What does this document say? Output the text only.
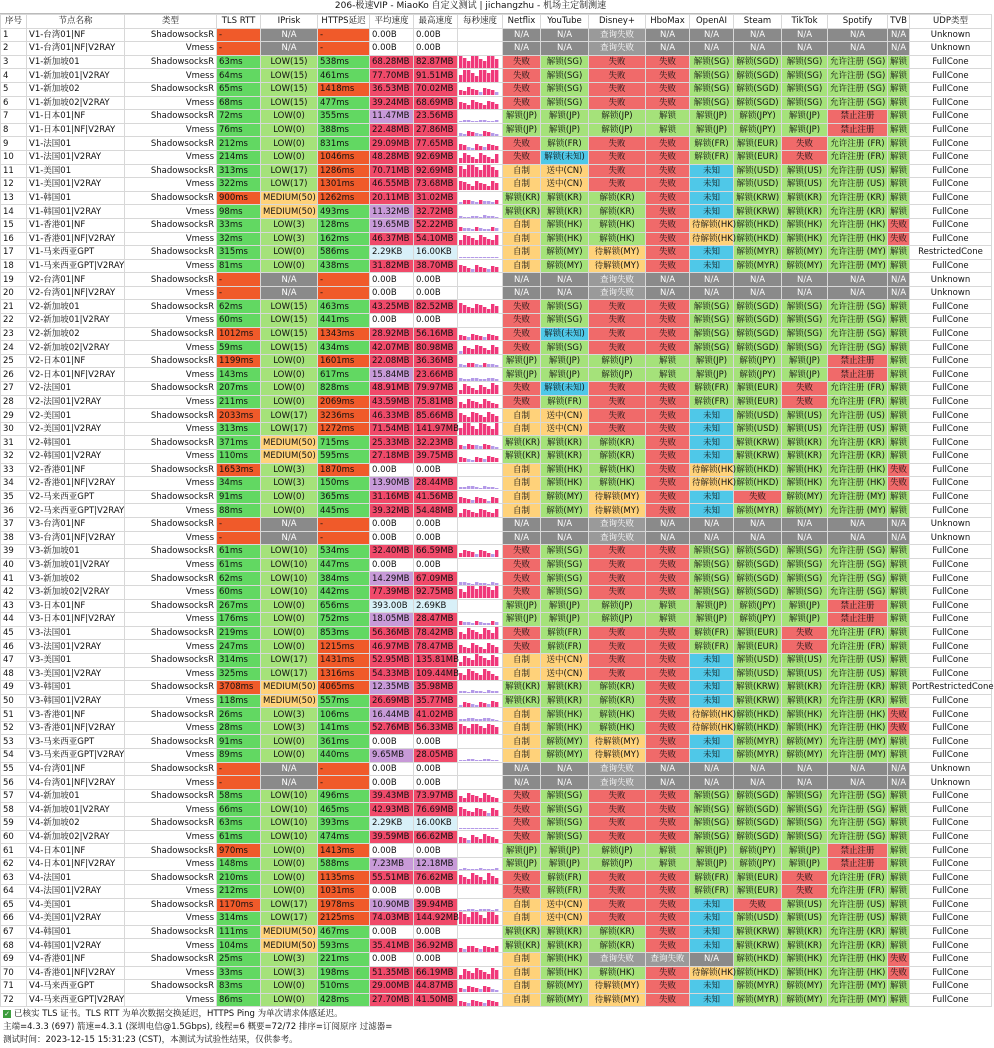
206-极速VIP - MiaoKo 自定义测试 | jichangzhu - 机场主定制测速
序号	节点名称	类型	TLS RTT	IPrisk	HTTPS延迟	平均速度	最高速度	每秒速度	Netflix	YouTube	Disney+	HboMax	OpenAI	Steam	TikTok	Spotify	TVB	UDP类型
1	V1-台湾01|NF	ShadowsocksR	-	N/A	-	0.00B	0.00B		N/A	N/A	查询失败	N/A	N/A	N/A	N/A	N/A	N/A	Unknown
2	V1-台湾01|NF|V2RAY	Vmess	-	N/A	-	0.00B	0.00B		N/A	N/A	查询失败	N/A	N/A	N/A	N/A	N/A	N/A	Unknown
3	V1-新加坡01	ShadowsocksR	63ms	LOW(15)	538ms	68.28MB	82.87MB		失败	解锁(SG)	失败	失败	解锁(SG)	解锁(SGD)	解锁(SG)	允许注册 (SG)	解锁	FullCone
4	V1-新加坡01|V2RAY	Vmess	64ms	LOW(15)	461ms	77.70MB	91.51MB		失败	解锁(SG)	失败	失败	解锁(SG)	解锁(SGD)	解锁(SG)	允许注册 (SG)	解锁	FullCone
5	V1-新加坡02	ShadowsocksR	65ms	LOW(15)	1418ms	36.53MB	70.02MB		失败	解锁(SG)	失败	失败	解锁(SG)	解锁(SGD)	解锁(SG)	允许注册 (SG)	解锁	FullCone
6	V1-新加坡02|V2RAY	Vmess	68ms	LOW(15)	477ms	39.24MB	68.69MB		失败	解锁(SG)	失败	失败	解锁(SG)	解锁(SGD)	解锁(SG)	允许注册 (SG)	解锁	FullCone
7	V1-日本01|NF	ShadowsocksR	72ms	LOW(0)	355ms	11.47MB	23.56MB		解锁(JP)	解锁(JP)	解锁(JP)	解锁	解锁(JP)	解锁(JPY)	解锁(JP)	禁止注册	解锁	FullCone
8	V1-日本01|NF|V2RAY	Vmess	76ms	LOW(0)	388ms	22.48MB	27.86MB		解锁(JP)	解锁(JP)	解锁(JP)	解锁	解锁(JP)	解锁(JPY)	解锁(JP)	禁止注册	解锁	FullCone
9	V1-法国01	ShadowsocksR	212ms	LOW(0)	831ms	29.09MB	77.65MB		失败	解锁(FR)	失败	失败	解锁(FR)	解锁(EUR)	失败	允许注册 (FR)	解锁	FullCone
10	V1-法国01|V2RAY	Vmess	214ms	LOW(0)	1046ms	48.28MB	92.69MB		失败	解锁(未知)	失败	失败	解锁(FR)	解锁(EUR)	失败	允许注册 (FR)	解锁	FullCone
11	V1-美国01	ShadowsocksR	313ms	LOW(17)	1286ms	70.71MB	92.69MB		自制	送中(CN)	失败	失败	未知	解锁(USD)	解锁(US)	允许注册 (US)	解锁	FullCone
12	V1-美国01|V2RAY	Vmess	322ms	LOW(17)	1301ms	46.55MB	73.68MB		自制	送中(CN)	失败	失败	未知	解锁(USD)	解锁(US)	允许注册 (US)	解锁	FullCone
13	V1-韩国01	ShadowsocksR	900ms	MEDIUM(50)	1262ms	20.11MB	31.02MB		解锁(KR)	解锁(KR)	解锁(KR)	失败	未知	解锁(KRW)	解锁(KR)	允许注册 (KR)	解锁	FullCone
14	V1-韩国01|V2RAY	Vmess	98ms	MEDIUM(50)	493ms	11.32MB	32.72MB		解锁(KR)	解锁(KR)	解锁(KR)	失败	未知	解锁(KRW)	解锁(KR)	允许注册 (KR)	解锁	FullCone
15	V1-香港01|NF	ShadowsocksR	33ms	LOW(3)	128ms	19.65MB	52.22MB		自制	解锁(HK)	解锁(HK)	失败	待解锁(HK)	解锁(HKD)	解锁(HK)	允许注册 (HK)	失败	FullCone
16	V1-香港01|NF|V2RAY	Vmess	32ms	LOW(3)	162ms	46.37MB	54.10MB		自制	解锁(HK)	解锁(HK)	失败	待解锁(HK)	解锁(HKD)	解锁(HK)	允许注册 (HK)	失败	FullCone
17	V1-马来西亚GPT	ShadowsocksR	315ms	LOW(0)	586ms	2.29KB	16.00KB		自制	解锁(MY)	待解锁(MY)	失败	未知	解锁(MYR)	解锁(MY)	允许注册 (MY)	解锁	RestrictedCone
18	V1-马来西亚GPT|V2RAY	Vmess	81ms	LOW(0)	438ms	31.82MB	38.70MB		自制	解锁(MY)	待解锁(MY)	失败	未知	解锁(MYR)	解锁(MY)	允许注册 (MY)	解锁	FullCone
19	V2-台湾01|NF	ShadowsocksR	-	N/A	-	0.00B	0.00B		N/A	N/A	查询失败	N/A	N/A	N/A	N/A	N/A	N/A	Unknown
20	V2-台湾01|NF|V2RAY	Vmess	-	N/A	-	0.00B	0.00B		N/A	N/A	查询失败	N/A	N/A	N/A	N/A	N/A	N/A	Unknown
21	V2-新加坡01	ShadowsocksR	62ms	LOW(15)	463ms	43.25MB	82.52MB		失败	解锁(SG)	失败	失败	解锁(SG)	解锁(SGD)	解锁(SG)	允许注册 (SG)	解锁	FullCone
22	V2-新加坡01|V2RAY	Vmess	60ms	LOW(15)	441ms	0.00B	0.00B		失败	解锁(SG)	失败	失败	解锁(SG)	解锁(SGD)	解锁(SG)	允许注册 (SG)	解锁	FullCone
23	V2-新加坡02	ShadowsocksR	1012ms	LOW(15)	1343ms	28.92MB	56.16MB		失败	解锁(未知)	失败	失败	解锁(SG)	解锁(SGD)	解锁(SG)	允许注册 (SG)	解锁	FullCone
24	V2-新加坡02|V2RAY	Vmess	59ms	LOW(15)	434ms	42.07MB	80.98MB		失败	解锁(SG)	失败	失败	解锁(SG)	解锁(SGD)	解锁(SG)	允许注册 (SG)	解锁	FullCone
25	V2-日本01|NF	ShadowsocksR	1199ms	LOW(0)	1601ms	22.08MB	36.36MB		解锁(JP)	解锁(JP)	解锁(JP)	解锁	解锁(JP)	解锁(JPY)	解锁(JP)	禁止注册	解锁	FullCone
26	V2-日本01|NF|V2RAY	Vmess	143ms	LOW(0)	617ms	15.84MB	23.66MB		解锁(JP)	解锁(JP)	解锁(JP)	解锁	解锁(JP)	解锁(JPY)	解锁(JP)	禁止注册	解锁	FullCone
27	V2-法国01	ShadowsocksR	207ms	LOW(0)	828ms	48.91MB	79.97MB		失败	解锁(未知)	失败	失败	解锁(FR)	解锁(EUR)	失败	允许注册 (FR)	解锁	FullCone
28	V2-法国01|V2RAY	Vmess	211ms	LOW(0)	2069ms	43.59MB	75.81MB		失败	解锁(FR)	失败	失败	解锁(FR)	解锁(EUR)	失败	允许注册 (FR)	解锁	FullCone
29	V2-美国01	ShadowsocksR	2033ms	LOW(17)	3236ms	46.33MB	85.66MB		自制	送中(CN)	失败	失败	未知	解锁(USD)	解锁(US)	允许注册 (US)	解锁	FullCone
30	V2-美国01|V2RAY	Vmess	313ms	LOW(17)	1272ms	71.54MB	141.97MB		自制	送中(CN)	失败	失败	未知	解锁(USD)	解锁(US)	允许注册 (US)	解锁	FullCone
31	V2-韩国01	ShadowsocksR	371ms	MEDIUM(50)	715ms	25.33MB	32.23MB		解锁(KR)	解锁(KR)	解锁(KR)	失败	未知	解锁(KRW)	解锁(KR)	允许注册 (KR)	解锁	FullCone
32	V2-韩国01|V2RAY	Vmess	110ms	MEDIUM(50)	595ms	27.18MB	39.75MB		解锁(KR)	解锁(KR)	解锁(KR)	失败	未知	解锁(KRW)	解锁(KR)	允许注册 (KR)	解锁	FullCone
33	V2-香港01|NF	ShadowsocksR	1653ms	LOW(3)	1870ms	0.00B	0.00B		自制	解锁(HK)	解锁(HK)	失败	待解锁(HK)	解锁(HKD)	解锁(HK)	允许注册 (HK)	失败	FullCone
34	V2-香港01|NF|V2RAY	Vmess	34ms	LOW(3)	150ms	13.90MB	28.44MB		自制	解锁(HK)	解锁(HK)	失败	待解锁(HK)	解锁(HKD)	解锁(HK)	允许注册 (HK)	失败	FullCone
35	V2-马来西亚GPT	ShadowsocksR	91ms	LOW(0)	365ms	31.16MB	41.56MB		自制	解锁(MY)	待解锁(MY)	失败	未知	失败	解锁(MY)	允许注册 (MY)	解锁	FullCone
36	V2-马来西亚GPT|V2RAY	Vmess	88ms	LOW(0)	445ms	39.32MB	54.48MB		自制	解锁(MY)	待解锁(MY)	失败	未知	解锁(MYR)	解锁(MY)	允许注册 (MY)	解锁	FullCone
37	V3-台湾01|NF	ShadowsocksR	-	N/A	-	0.00B	0.00B		N/A	N/A	查询失败	N/A	N/A	N/A	N/A	N/A	N/A	Unknown
38	V3-台湾01|NF|V2RAY	Vmess	-	N/A	-	0.00B	0.00B		N/A	N/A	查询失败	N/A	N/A	N/A	N/A	N/A	N/A	Unknown
39	V3-新加坡01	ShadowsocksR	61ms	LOW(10)	534ms	32.40MB	66.59MB		失败	解锁(SG)	失败	失败	解锁(SG)	解锁(SGD)	解锁(SG)	允许注册 (SG)	解锁	FullCone
40	V3-新加坡01|V2RAY	Vmess	61ms	LOW(10)	447ms	0.00B	0.00B		失败	解锁(SG)	失败	失败	解锁(SG)	解锁(SGD)	解锁(SG)	允许注册 (SG)	解锁	FullCone
41	V3-新加坡02	ShadowsocksR	62ms	LOW(10)	384ms	14.29MB	67.09MB		失败	解锁(SG)	失败	失败	解锁(SG)	解锁(SGD)	解锁(SG)	允许注册 (SG)	解锁	FullCone
42	V3-新加坡02|V2RAY	Vmess	60ms	LOW(10)	442ms	77.39MB	92.75MB		失败	解锁(SG)	失败	失败	解锁(SG)	解锁(SGD)	解锁(SG)	允许注册 (SG)	解锁	FullCone
43	V3-日本01|NF	ShadowsocksR	267ms	LOW(0)	656ms	393.00B	2.69KB		解锁(JP)	解锁(JP)	解锁(JP)	解锁	解锁(JP)	解锁(JPY)	解锁(JP)	禁止注册	解锁	FullCone
44	V3-日本01|NF|V2RAY	Vmess	176ms	LOW(0)	752ms	18.05MB	28.47MB		解锁(JP)	解锁(JP)	解锁(JP)	解锁	解锁(JP)	解锁(JPY)	解锁(JP)	禁止注册	解锁	FullCone
45	V3-法国01	ShadowsocksR	219ms	LOW(0)	853ms	56.36MB	78.42MB		失败	解锁(FR)	失败	失败	解锁(FR)	解锁(EUR)	失败	允许注册 (FR)	解锁	FullCone
46	V3-法国01|V2RAY	Vmess	247ms	LOW(0)	1215ms	46.97MB	78.47MB		失败	解锁(FR)	失败	失败	解锁(FR)	解锁(EUR)	失败	允许注册 (FR)	解锁	FullCone
47	V3-美国01	ShadowsocksR	314ms	LOW(17)	1431ms	52.95MB	135.81MB		自制	送中(CN)	失败	失败	未知	解锁(USD)	解锁(US)	允许注册 (US)	解锁	FullCone
48	V3-美国01|V2RAY	Vmess	325ms	LOW(17)	1316ms	54.33MB	109.44MB		自制	送中(CN)	失败	失败	未知	解锁(USD)	解锁(US)	允许注册 (US)	解锁	FullCone
49	V3-韩国01	ShadowsocksR	3708ms	MEDIUM(50)	4065ms	12.35MB	35.98MB		解锁(KR)	解锁(KR)	解锁(KR)	失败	未知	解锁(KRW)	解锁(KR)	允许注册 (KR)	解锁	PortRestrictedCone
50	V3-韩国01|V2RAY	Vmess	118ms	MEDIUM(50)	557ms	26.69MB	35.77MB		解锁(KR)	解锁(KR)	解锁(KR)	失败	未知	解锁(KRW)	解锁(KR)	允许注册 (KR)	解锁	FullCone
51	V3-香港01|NF	ShadowsocksR	26ms	LOW(3)	106ms	16.44MB	41.02MB		自制	解锁(HK)	解锁(HK)	失败	待解锁(HK)	解锁(HKD)	解锁(HK)	允许注册 (HK)	失败	FullCone
52	V3-香港01|NF|V2RAY	Vmess	28ms	LOW(3)	141ms	52.76MB	56.33MB		自制	解锁(HK)	解锁(HK)	失败	待解锁(HK)	解锁(HKD)	解锁(HK)	允许注册 (HK)	失败	FullCone
53	V3-马来西亚GPT	ShadowsocksR	91ms	LOW(0)	361ms	0.00B	0.00B		自制	解锁(MY)	待解锁(MY)	失败	未知	解锁(MYR)	解锁(MY)	允许注册 (MY)	解锁	FullCone
54	V3-马来西亚GPT|V2RAY	Vmess	89ms	LOW(0)	440ms	9.65MB	28.05MB		自制	解锁(MY)	待解锁(MY)	失败	未知	解锁(MYR)	解锁(MY)	允许注册 (MY)	解锁	FullCone
55	V4-台湾01|NF	ShadowsocksR	-	N/A	-	0.00B	0.00B		N/A	N/A	查询失败	N/A	N/A	N/A	N/A	N/A	N/A	Unknown
56	V4-台湾01|NF|V2RAY	Vmess	-	N/A	-	0.00B	0.00B		N/A	N/A	查询失败	N/A	N/A	N/A	N/A	N/A	N/A	Unknown
57	V4-新加坡01	ShadowsocksR	58ms	LOW(10)	496ms	39.43MB	73.97MB		失败	解锁(SG)	失败	失败	解锁(SG)	解锁(SGD)	解锁(SG)	允许注册 (SG)	解锁	FullCone
58	V4-新加坡01|V2RAY	Vmess	66ms	LOW(10)	465ms	42.93MB	76.69MB		失败	解锁(SG)	失败	失败	解锁(SG)	解锁(SGD)	解锁(SG)	允许注册 (SG)	解锁	FullCone
59	V4-新加坡02	ShadowsocksR	63ms	LOW(10)	393ms	2.29KB	16.00KB		失败	解锁(SG)	失败	失败	解锁(SG)	解锁(SGD)	解锁(SG)	允许注册 (SG)	解锁	FullCone
60	V4-新加坡02|V2RAY	Vmess	61ms	LOW(10)	474ms	39.59MB	66.62MB		失败	解锁(SG)	失败	失败	解锁(SG)	解锁(SGD)	解锁(SG)	允许注册 (SG)	解锁	FullCone
61	V4-日本01|NF	ShadowsocksR	970ms	LOW(0)	1413ms	0.00B	0.00B		解锁(JP)	解锁(JP)	解锁(JP)	解锁	解锁(JP)	解锁(JPY)	解锁(JP)	禁止注册	解锁	FullCone
62	V4-日本01|NF|V2RAY	Vmess	148ms	LOW(0)	588ms	7.23MB	12.18MB		解锁(JP)	解锁(JP)	解锁(JP)	解锁	解锁(JP)	解锁(JPY)	解锁(JP)	禁止注册	解锁	FullCone
63	V4-法国01	ShadowsocksR	210ms	LOW(0)	1135ms	55.51MB	76.62MB		失败	解锁(FR)	失败	失败	解锁(FR)	解锁(EUR)	失败	允许注册 (FR)	解锁	FullCone
64	V4-法国01|V2RAY	Vmess	212ms	LOW(0)	1031ms	0.00B	0.00B		失败	解锁(FR)	失败	失败	解锁(FR)	解锁(EUR)	失败	允许注册 (FR)	解锁	FullCone
65	V4-美国01	ShadowsocksR	1170ms	LOW(17)	1978ms	10.90MB	39.94MB		自制	送中(CN)	失败	失败	未知	失败	解锁(US)	允许注册 (US)	解锁	FullCone
66	V4-美国01|V2RAY	Vmess	314ms	LOW(17)	2125ms	74.03MB	144.92MB		自制	送中(CN)	失败	失败	未知	解锁(USD)	解锁(US)	允许注册 (US)	解锁	FullCone
67	V4-韩国01	ShadowsocksR	111ms	MEDIUM(50)	467ms	0.00B	0.00B		解锁(KR)	解锁(KR)	解锁(KR)	失败	未知	解锁(KRW)	解锁(KR)	允许注册 (KR)	解锁	FullCone
68	V4-韩国01|V2RAY	Vmess	104ms	MEDIUM(50)	593ms	35.41MB	36.92MB		解锁(KR)	解锁(KR)	解锁(KR)	失败	未知	解锁(KRW)	解锁(KR)	允许注册 (KR)	解锁	FullCone
69	V4-香港01|NF	ShadowsocksR	25ms	LOW(3)	221ms	0.00B	0.00B		自制	解锁(HK)	查询失败	查询失败	N/A	解锁(HKD)	解锁(HK)	允许注册 (HK)	失败	FullCone
70	V4-香港01|NF|V2RAY	Vmess	33ms	LOW(3)	198ms	51.35MB	66.19MB		自制	解锁(HK)	解锁(HK)	失败	待解锁(HK)	解锁(HKD)	解锁(HK)	允许注册 (HK)	失败	FullCone
71	V4-马来西亚GPT	ShadowsocksR	83ms	LOW(0)	510ms	29.00MB	44.87MB		自制	解锁(MY)	待解锁(MY)	失败	未知	解锁(MYR)	解锁(MY)	允许注册 (MY)	解锁	FullCone
72	V4-马来西亚GPT|V2RAY	Vmess	86ms	LOW(0)	428ms	27.70MB	41.50MB		自制	解锁(MY)	待解锁(MY)	失败	未知	解锁(MYR)	解锁(MY)	允许注册 (MY)	解锁	FullCone
✓ 已核实 TLS 证书。TLS RTT 为单次数据交换延迟，HTTPS Ping 为单次请求体感延迟。
主端=4.3.3 (697) 箭速=4.3.1 (深圳电信@1.5Gbps), 线程=6 概要=72/72 排序=订阅原序 过滤器=
测试时间：2023-12-15 15:31:23 (CST)，本测试为试验性结果，仅供参考。
